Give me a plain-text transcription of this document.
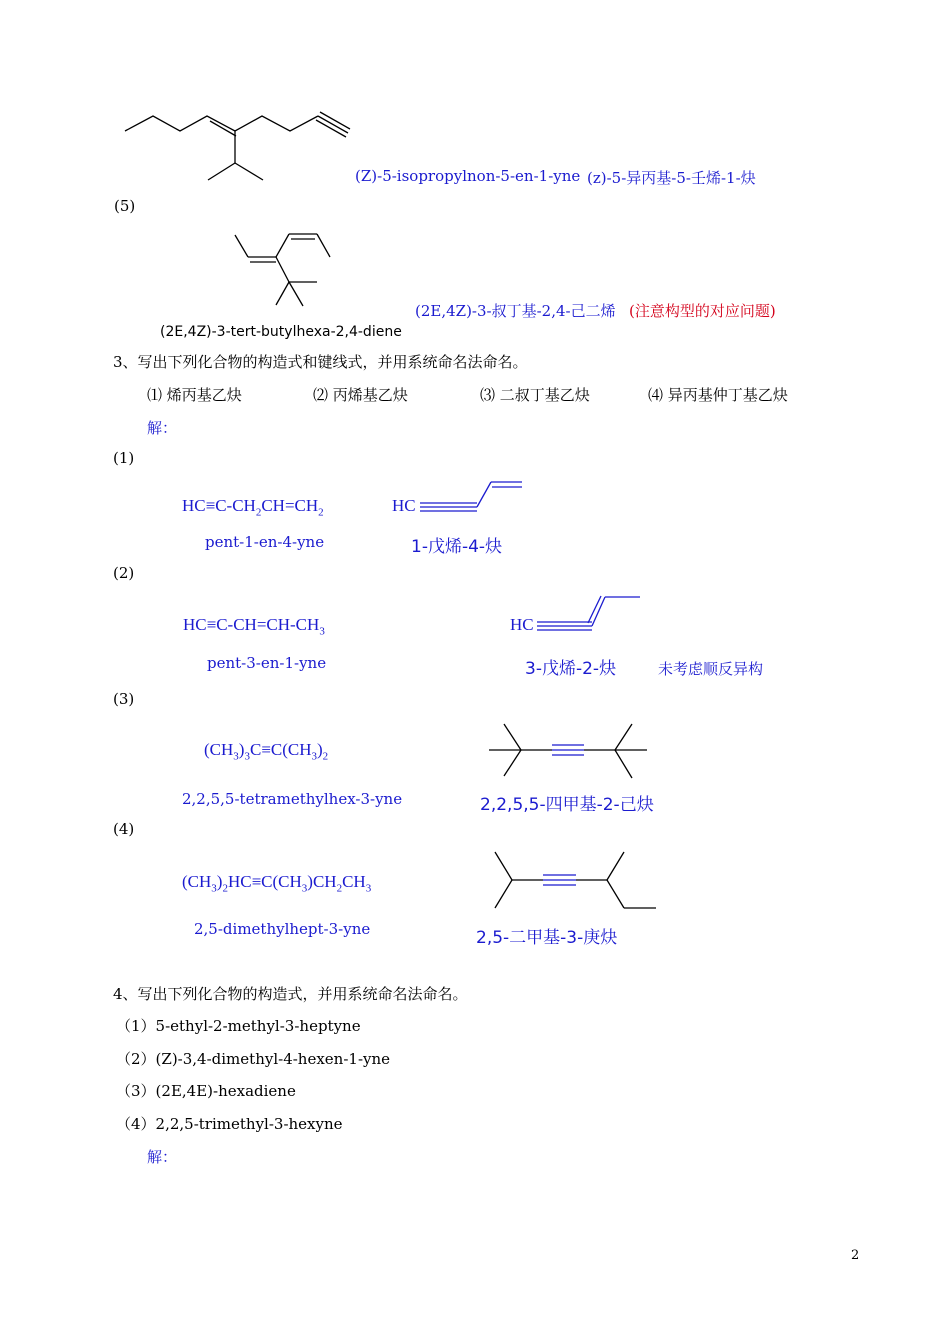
(Z)-5-isopropylnon-5-en-1-yne (z)-5-异丙基-5-壬烯-1-炔
(5)
(2E,4Z)-3-叔丁基-2,4-己二烯 (注意构型的对应问题)
(2E,4Z)-3-tert-butylhexa-2,4-diene
3、写出下列化合物的构造式和键线式，并用系统命名法命名。
⑴ 烯丙基乙炔	⑵ 丙烯基乙炔	⑶ 二叔丁基乙炔	⑷ 异丙基仲丁基乙炔
解：
(1)
$HC\equiv C-CH_2CH=CH_2$	HC
pent-1-en-4-yne	1-戊烯-4-炔
(2)
$HC\equiv C-CH=CH-CH_3$	HC
pent-3-en-1-yne	3-戊烯-2-炔	未考虑顺反异构
(3)
$(CH_3)_3C\equiv C(CH_3)_2$
2,2,5,5-tetramethylhex-3-yne	2,2,5,5-四甲基-2-己炔
(4)
$(CH_3)_2HC\equiv C(CH_3)CH_2CH_3$
2,5-dimethylhept-3-yne	2,5-二甲基-3-庚炔
4、写出下列化合物的构造式，并用系统命名法命名。
（1）5-ethyl-2-methyl-3-heptyne
（2）(Z)-3,4-dimethyl-4-hexen-1-yne
（3）(2E,4E)-hexadiene
（4）2,2,5-trimethyl-3-hexyne
解：
2
